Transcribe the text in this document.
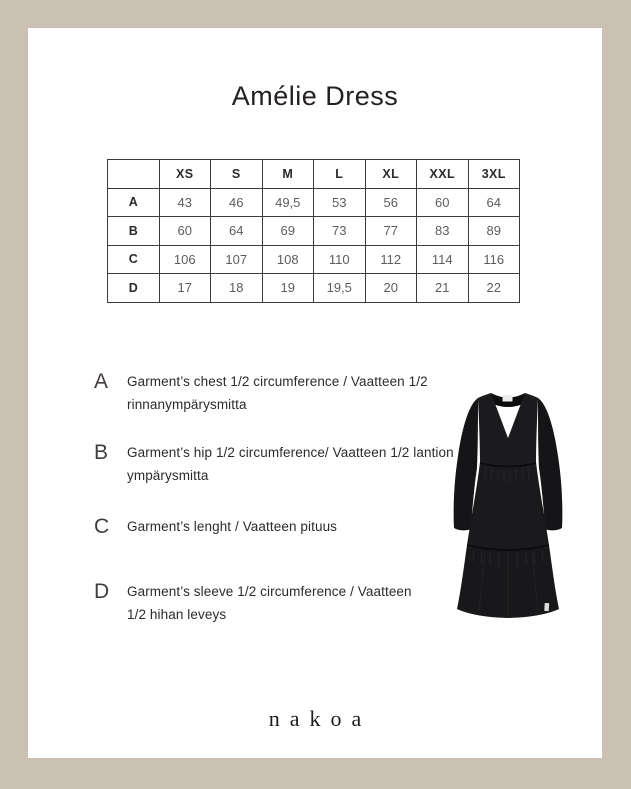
Amélie Dress
	XS	S	M	L	XL	XXL	3XL
A	43	46	49,5	53	56	60	64
B	60	64	69	73	77	83	89
C	106	107	108	110	112	114	116
D	17	18	19	19,5	20	21	22
A	Garment’s chest 1/2 circumference / Vaatteen 1/2
rinnanympärysmitta
B	Garment’s hip 1/2 circumference/ Vaatteen 1/2 lantion
ympärysmitta
C	Garment’s lenght / Vaatteen pituus
D	Garment’s sleeve 1/2 circumference / Vaatteen
1/2 hihan leveys
nakoa
